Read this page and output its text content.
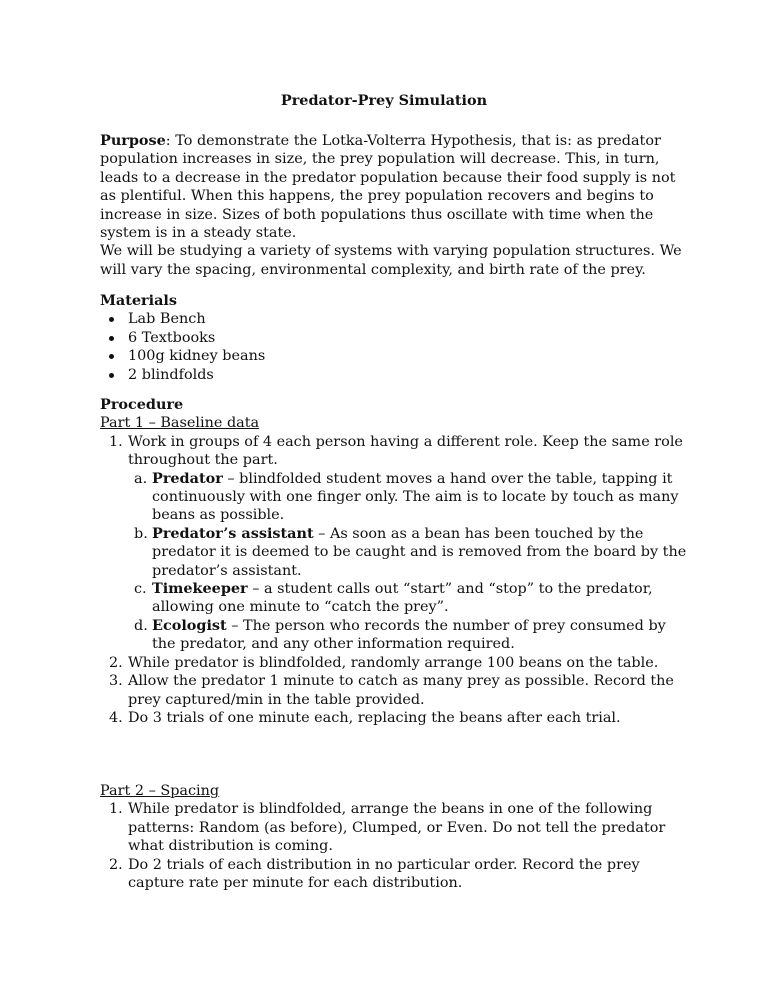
Predator-Prey Simulation
Purpose: To demonstrate the Lotka-Volterra Hypothesis, that is: as predator population increases in size, the prey population will decrease. This, in turn, leads to a decrease in the predator population because their food supply is not as plentiful. When this happens, the prey population recovers and begins to increase in size. Sizes of both populations thus oscillate with time when the system is in a steady state.
We will be studying a variety of systems with varying population structures. We will vary the spacing, environmental complexity, and birth rate of the prey.
Materials
Lab Bench
6 Textbooks
100g kidney beans
2 blindfolds
Procedure
Part 1 – Baseline data
1. Work in groups of 4 each person having a different role. Keep the same role throughout the part.
a. Predator – blindfolded student moves a hand over the table, tapping it continuously with one finger only. The aim is to locate by touch as many beans as possible.
b. Predator’s assistant – As soon as a bean has been touched by the predator it is deemed to be caught and is removed from the board by the predator’s assistant.
c. Timekeeper – a student calls out “start” and “stop” to the predator, allowing one minute to “catch the prey”.
d. Ecologist – The person who records the number of prey consumed by the predator, and any other information required.
2. While predator is blindfolded, randomly arrange 100 beans on the table.
3. Allow the predator 1 minute to catch as many prey as possible. Record the prey captured/min in the table provided.
4. Do 3 trials of one minute each, replacing the beans after each trial.
Part 2 – Spacing
1. While predator is blindfolded, arrange the beans in one of the following patterns: Random (as before), Clumped, or Even. Do not tell the predator what distribution is coming.
2. Do 2 trials of each distribution in no particular order. Record the prey capture rate per minute for each distribution.
